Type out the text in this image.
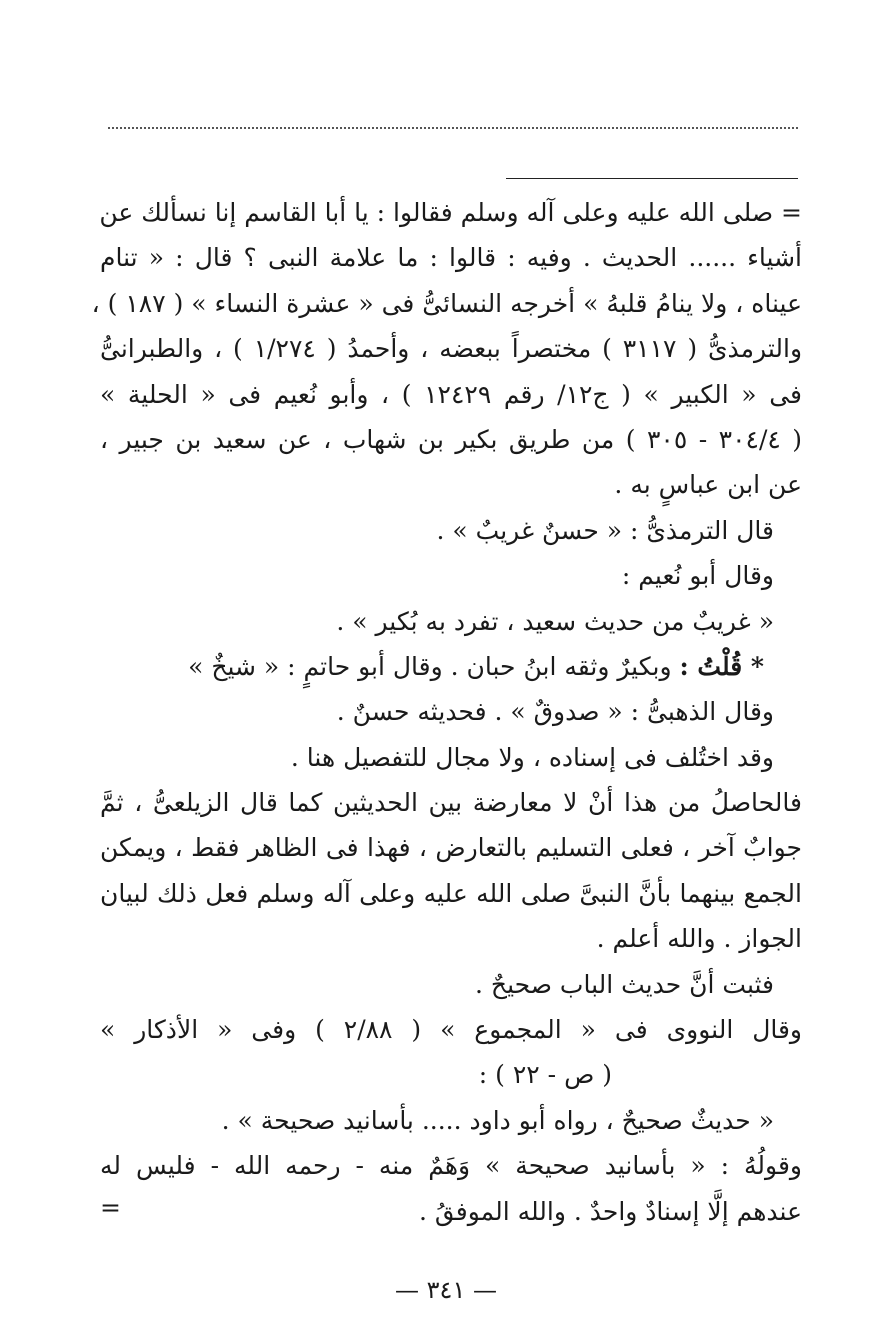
= صلى الله عليه وعلى آله وسلم فقالوا : يا أبا القاسم إنا نسألك عن
أشياء ...... الحديث . وفيه : قالوا : ما علامة النبى ؟ قال : « تنام
عيناه ، ولا ينامُ قلبهُ » أخرجه النسائىُّ فى « عشرة النساء » ( ١٨٧ ) ،
والترمذىُّ ( ٣١١٧ ) مختصراً ببعضه ، وأحمدُ ( ١/٢٧٤ ) ، والطبرانىُّ
فى « الكبير » ( ج١٢/ رقم ١٢٤٢٩ ) ، وأبو نُعيم فى « الحلية »
( ٣٠٤/٤ - ٣٠٥ ) من طريق بكير بن شهاب ، عن سعيد بن جبير ،
عن ابن عباسٍ به .
قال الترمذىُّ : « حسنٌ غريبٌ » .
وقال أبو نُعيم :
« غريبٌ من حديث سعيد ، تفرد به بُكير » .
* قُلْتُ : وبكيرٌ وثقه ابنُ حبان . وقال أبو حاتمٍ : « شيخٌ »
وقال الذهبىُّ : « صدوقٌ » . فحديثه حسنٌ .
وقد اختُلف فى إسناده ، ولا مجال للتفصيل هنا .
فالحاصلُ من هذا أنْ لا معارضة بين الحديثين كما قال الزيلعىُّ ، ثمَّ
جوابٌ آخر ، فعلى التسليم بالتعارض ، فهذا فى الظاهر فقط ، ويمكن
الجمع بينهما بأنَّ النبىَّ صلى الله عليه وعلى آله وسلم فعل ذلك لبيان
الجواز . والله أعلم .
فثبت أنَّ حديث الباب صحيحٌ .
وقال النووى فى « المجموع » ( ٢/٨٨ ) وفى « الأذكار »
( ص - ٢٢ ) :
« حديثٌ صحيحٌ ، رواه أبو داود ..... بأسانيد صحيحة » .
وقولُهُ : « بأسانيد صحيحة » وَهَمٌ منه - رحمه الله - فليس له
عندهم إلَّا إسنادٌ واحدٌ . والله الموفقُ .
=
— ٣٤١ —
